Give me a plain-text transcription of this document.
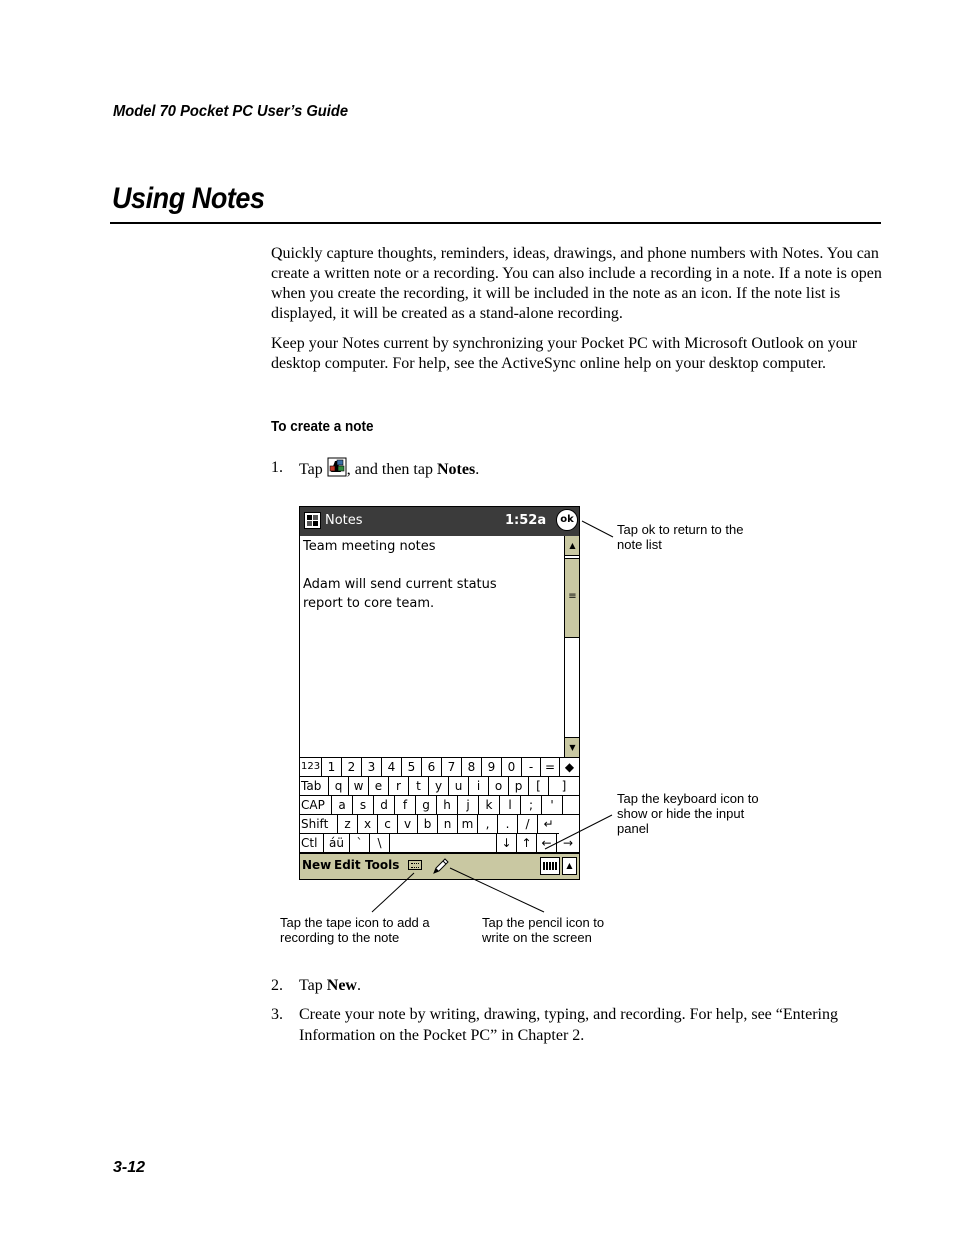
Model 70 Pocket PC User’s Guide
Using Notes
Quickly capture thoughts, reminders, ideas, drawings, and phone numbers with Notes. You can create a written note or a recording. You can also include a recording in a note. If a note is open when you create the recording, it will be included in the note as an icon. If the note list is displayed, it will be created as a stand-alone recording.
Keep your Notes current by synchronizing your Pocket PC with Microsoft Outlook on your desktop computer. For help, see the ActiveSync online help on your desktop computer.
To create a note
1. Tap , and then tap Notes.
Notes	1:52a	ok
Team meeting notes

Adam will send current status
report to core team.
▲
≡
▼
123 1	2	3	4	5	6	7	8	9	0	- = ◆
Tab	q w e	r	t	y	u	i	o	p	[	]
CAP	a	s	d	f	g	h	j	k	l	;	'
Shift	z	x	c	v	b	n m	,	.	/	↵
Ctl áü	`	\	↓ ↑ ← →
New Edit Tools	▲
Tap ok to return to the
note list
Tap the keyboard icon to
show or hide the input
panel
Tap the tape icon to add a
recording to the note
Tap the pencil icon to
write on the screen
2. Tap New.
3. Create your note by writing, drawing, typing, and recording. For help, see “Entering
Information on the Pocket PC” in Chapter 2.
3-12
